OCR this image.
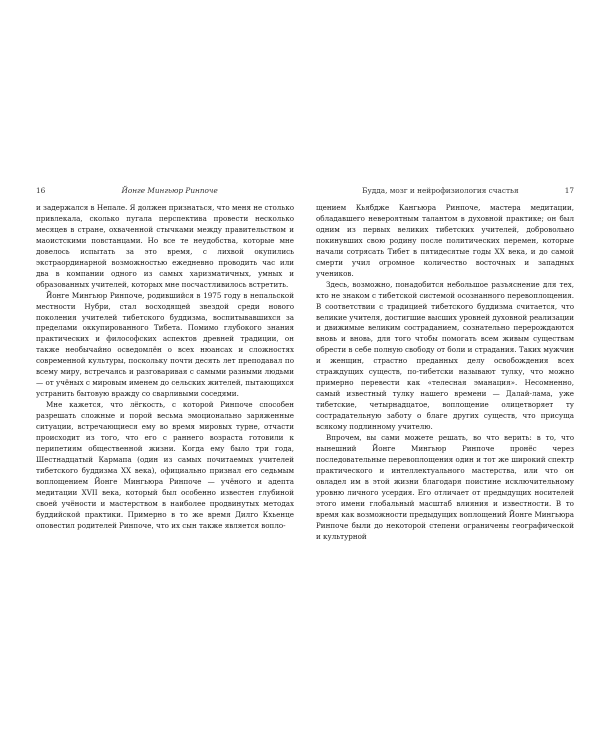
16	Йонге Мингьюр Ринпоче

и задержался в Непале. Я должен признаться, что меня не столько привлекала, сколько пугала перспектива провести несколько месяцев в стране, охваченной стычками между правительством и маоистскими повстанцами. Но все те неудобства, которые мне довелось испытать за это время, с лихвой окупились экстраординарной возможностью ежедневно проводить час или два в компании одного из самых харизматичных, умных и образованных учителей, которых мне посчастливилось встретить.

Йонге Мингьюр Ринпоче, родившийся в 1975 году в непальской местности Нубри, стал восходящей звездой среди нового поколения учителей тибетского буддизма, воспитывавшихся за пределами оккупированного Тибета. Помимо глубокого знания практических и философских аспектов древней традиции, он также необычайно осведомлён о всех нюансах и сложностях современной культуры, поскольку почти десять лет преподавал по всему миру, встречаясь и разговаривая с самыми разными людьми — от учёных с мировым именем до сельских жителей, пытающихся устранить бытовую вражду со сварливыми соседями.

Мне кажется, что лёгкость, с которой Ринпоче способен разрешать сложные и порой весьма эмоционально заряженные ситуации, встречающиеся ему во время мировых турне, отчасти происходит из того, что его с раннего возраста готовили к перипетиям общественной жизни. Когда ему было три года, Шестнадцатый Кармапа (один из самых почитаемых учителей тибетского буддизма XX века), официально признал его седьмым воплощением Йонге Мингьюра Ринпоче — учёного и адепта медитации XVII века, который был особенно известен глубиной своей учёности и мастерством в наиболее продвинутых методах буддийской практики. Примерно в то же время Дилго Кхьенце оповестил родителей Ринпоче, что их сын также является вопло-

Будда, мозг и нейрофизиология счастья	17

щением Кьябдже Кангьюра Ринпоче, мастера медитации, обладавшего невероятным талантом в духовной практике; он был одним из первых великих тибетских учителей, добровольно покинувших свою родину после политических перемен, которые начали сотрясать Тибет в пятидесятые годы XX века, и до самой смерти учил огромное количество восточных и западных учеников.

Здесь, возможно, понадобится небольшое разъяснение для тех, кто не знаком с тибетской системой осознанного перевоплощения. В соответствии с традицией тибетского буддизма считается, что великие учителя, достигшие высших уровней духовной реализации и движимые великим состраданием, сознательно перерождаются вновь и вновь, для того чтобы помогать всем живым существам обрести в себе полную свободу от боли и страдания. Таких мужчин и женщин, страстно преданных делу освобождения всех страждущих существ, по-тибетски называют тулку, что можно примерно перевести как «телесная эманация». Несомненно, самый известный тулку нашего времени — Далай-лама, уже тибетские, четырнадцатое, воплощение олицетворяет ту сострадательную заботу о благе других существ, что присуща всякому подлинному учителю.

Впрочем, вы сами можете решать, во что верить: в то, что нынешний Йонге Мингьюр Ринпоче пронёс через последовательные перевоплощения один и тот же широкий спектр практического и интеллектуального мастерства, или что он овладел им в этой жизни благодаря поистине исключительному уровню личного усердия. Его отличает от предыдущих носителей этого имени глобальный масштаб влияния и известности. В то время как возможности предыдущих воплощений Йонге Мингьюра Ринпоче были до некоторой степени ограничены географической и культурной
